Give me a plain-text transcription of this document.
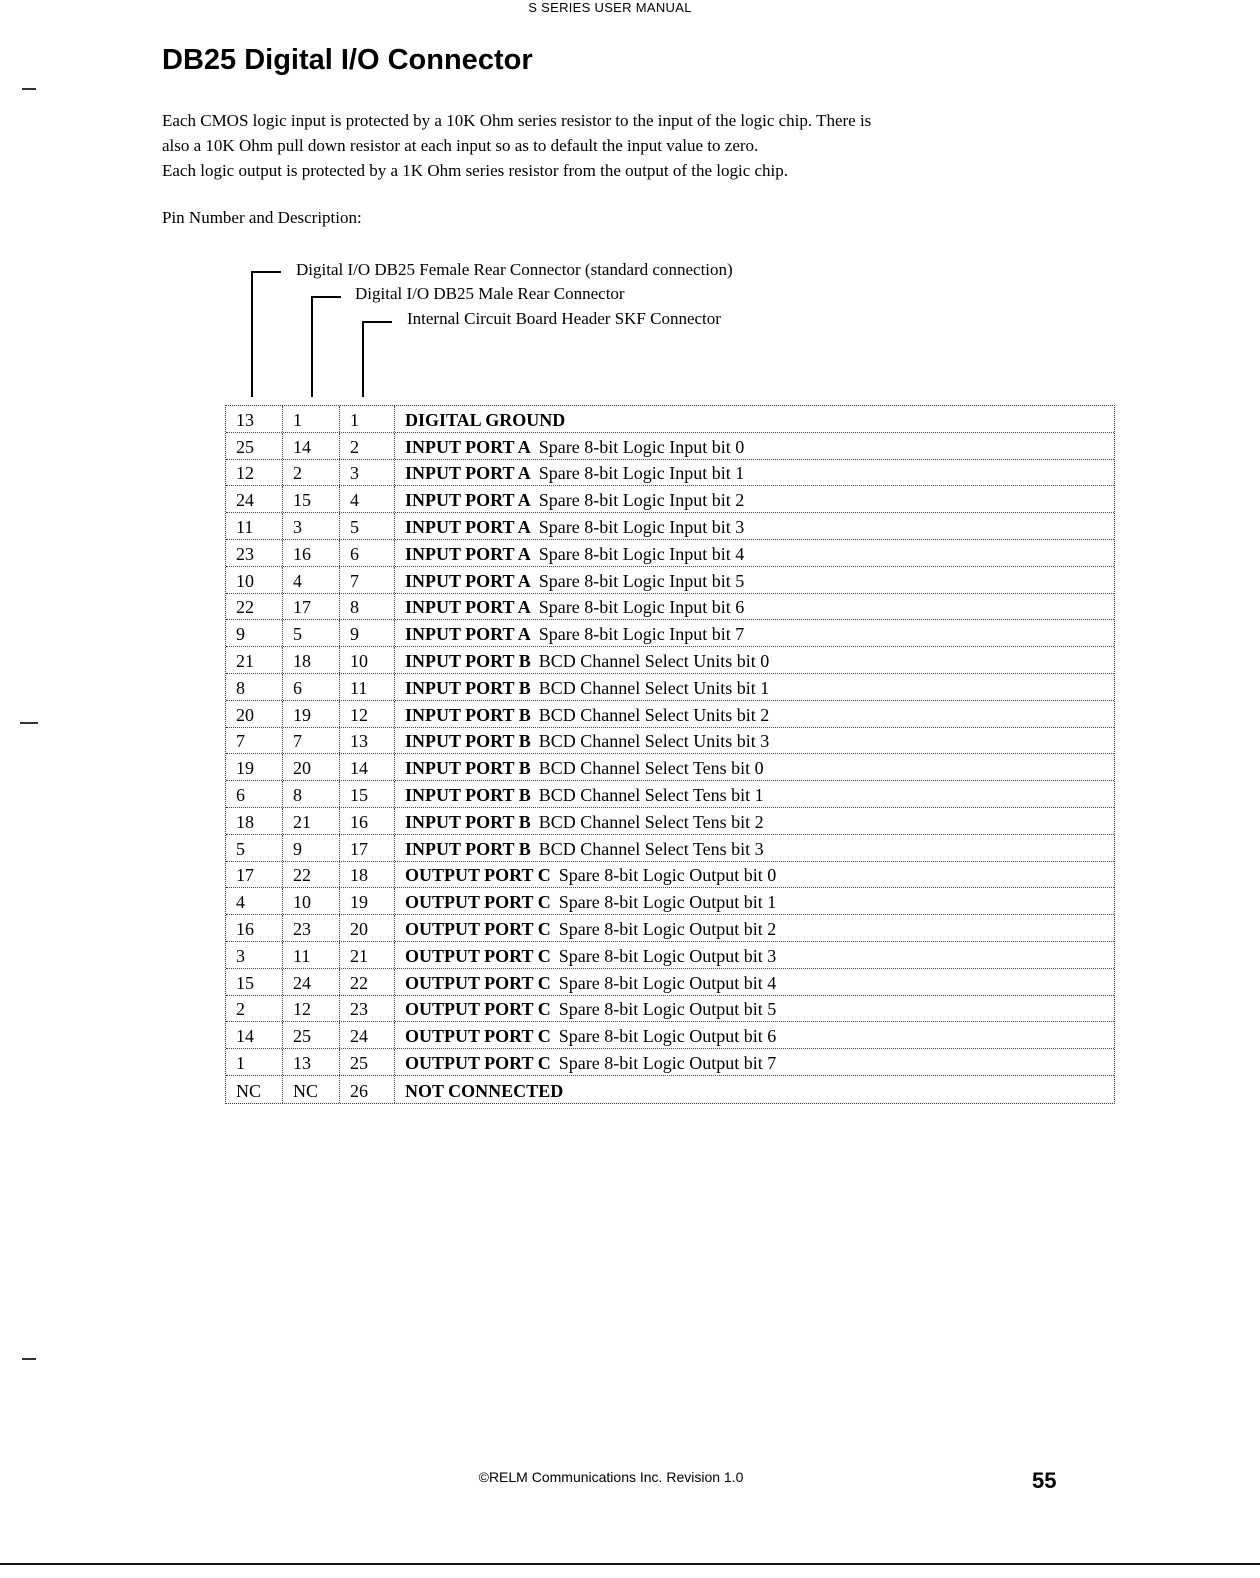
S SERIES USER MANUAL
DB25 Digital I/O Connector

Each CMOS logic input is protected by a 10K Ohm series resistor to the input of the logic chip. There is

also a 10K Ohm pull down resistor at each input so as to default the input value to zero.

Each logic output is protected by a 1K Ohm series resistor from the output of the logic chip.

Pin Number and Description:
Digital I/O DB25 Female Rear Connector (standard connection)
Digital I/O DB25 Male Rear Connector
Internal Circuit Board Header SKF Connector
13	1	1	DIGITAL GROUND
25	14	2	INPUT PORT A Spare 8-bit Logic Input bit 0
12	2	3	INPUT PORT A Spare 8-bit Logic Input bit 1
24	15	4	INPUT PORT A Spare 8-bit Logic Input bit 2
11	3	5	INPUT PORT A Spare 8-bit Logic Input bit 3
23	16	6	INPUT PORT A Spare 8-bit Logic Input bit 4
10	4	7	INPUT PORT A Spare 8-bit Logic Input bit 5
22	17	8	INPUT PORT A Spare 8-bit Logic Input bit 6
9	5	9	INPUT PORT A Spare 8-bit Logic Input bit 7
21	18	10	INPUT PORT B BCD Channel Select Units bit 0
8	6	11	INPUT PORT B BCD Channel Select Units bit 1
20	19	12	INPUT PORT B BCD Channel Select Units bit 2
7	7	13	INPUT PORT B BCD Channel Select Units bit 3
19	20	14	INPUT PORT B BCD Channel Select Tens bit 0
6	8	15	INPUT PORT B BCD Channel Select Tens bit 1
18	21	16	INPUT PORT B BCD Channel Select Tens bit 2
5	9	17	INPUT PORT B BCD Channel Select Tens bit 3
17	22	18	OUTPUT PORT C Spare 8-bit Logic Output bit 0
4	10	19	OUTPUT PORT C Spare 8-bit Logic Output bit 1
16	23	20	OUTPUT PORT C Spare 8-bit Logic Output bit 2
3	11	21	OUTPUT PORT C Spare 8-bit Logic Output bit 3
15	24	22	OUTPUT PORT C Spare 8-bit Logic Output bit 4
2	12	23	OUTPUT PORT C Spare 8-bit Logic Output bit 5
14	25	24	OUTPUT PORT C Spare 8-bit Logic Output bit 6
1	13	25	OUTPUT PORT C Spare 8-bit Logic Output bit 7
NC	NC	26	NOT CONNECTED
©RELM Communications Inc. Revision 1.0	55
